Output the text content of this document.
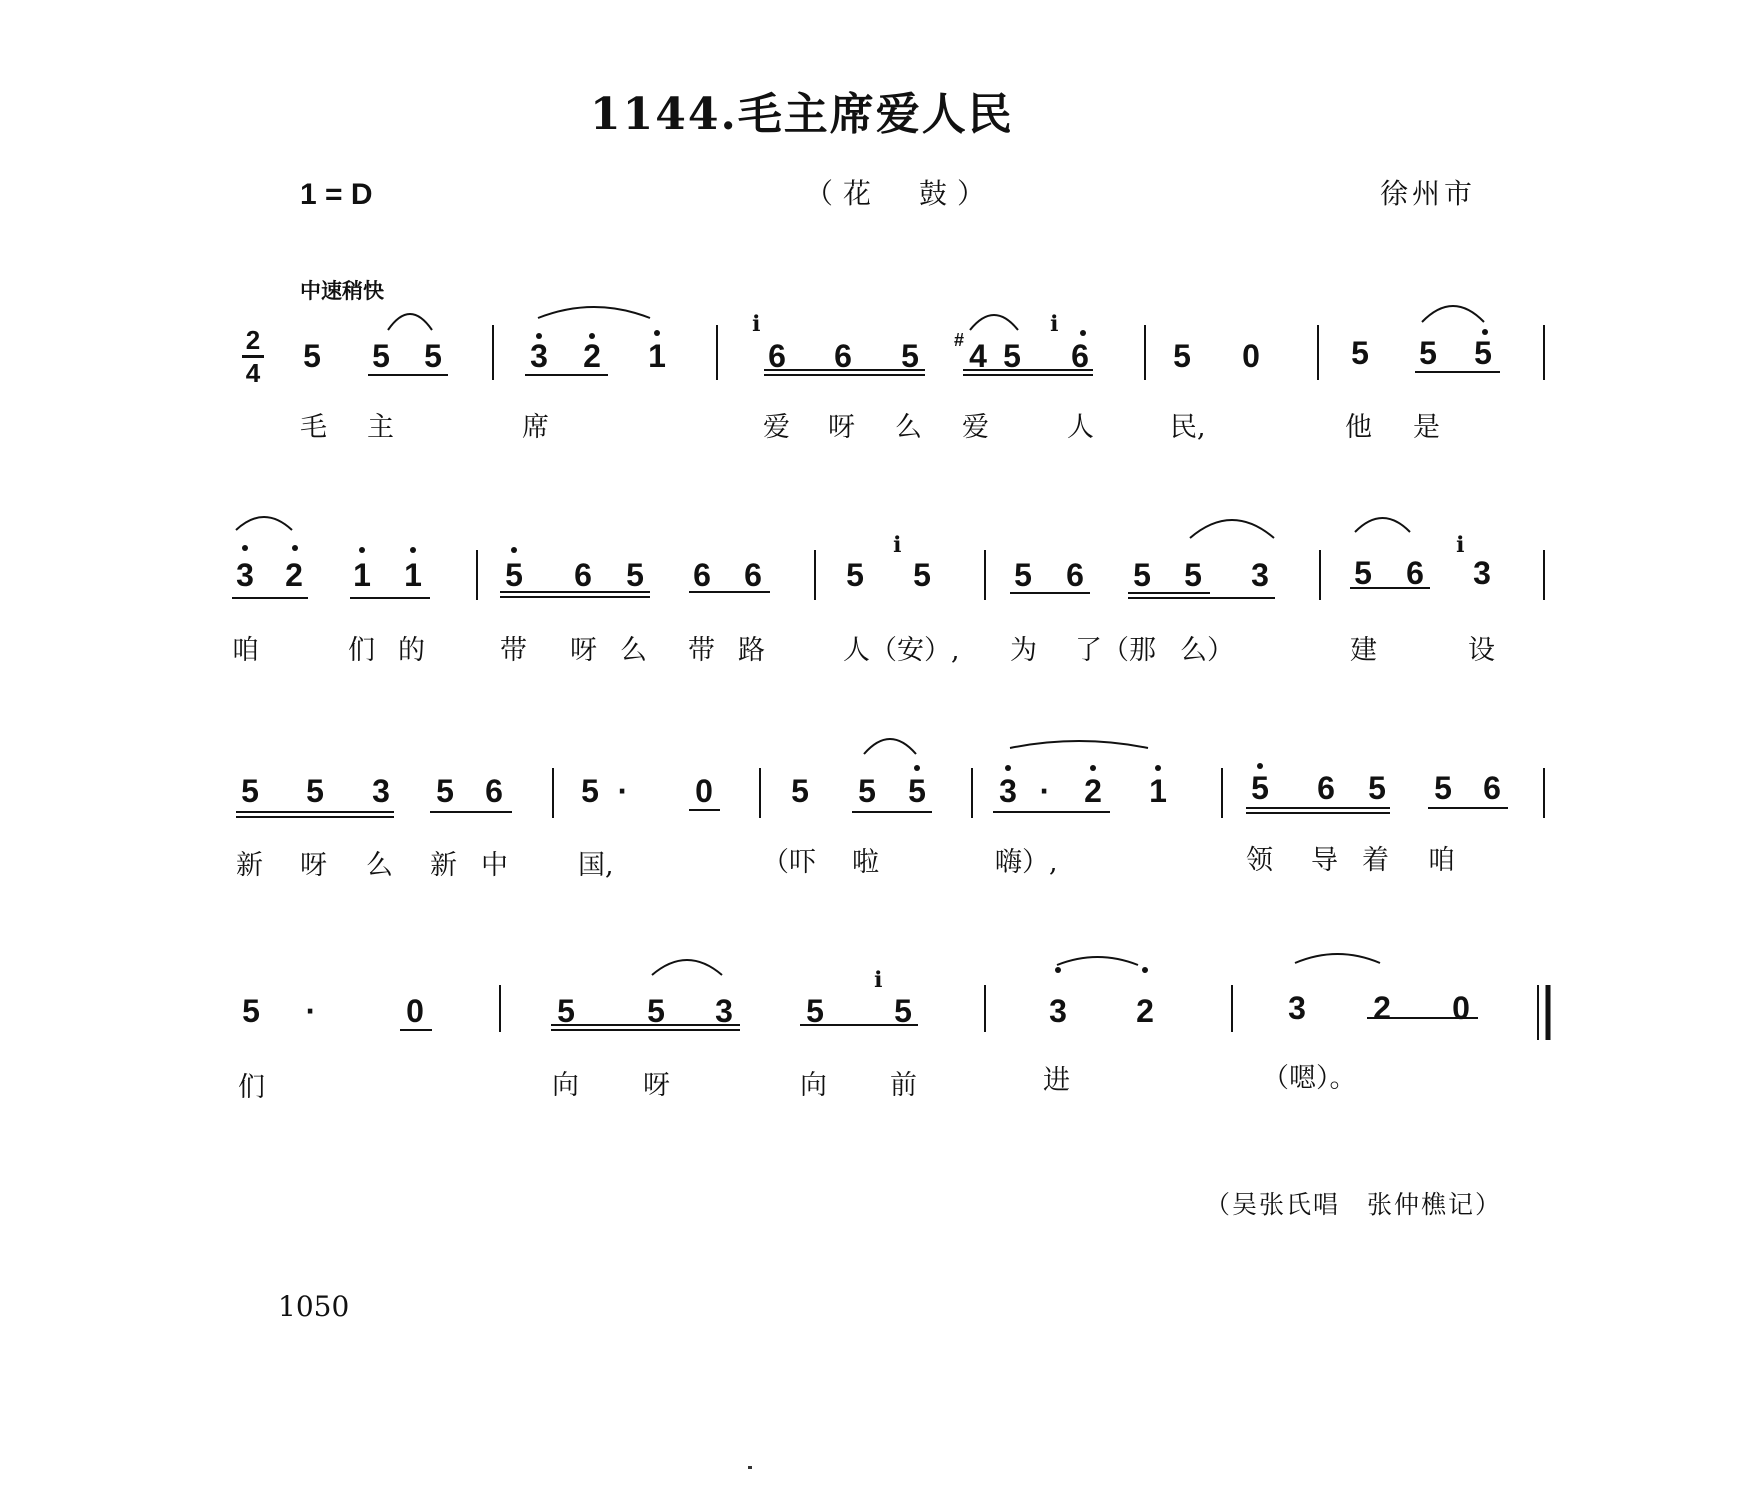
1144.毛主席爱人民
1 = D	（花　鼓）	徐州市
中速稍快
2
4 5 5 5	3 2 1	6 6 5	# 4 5 6	5 0	5 5 5
ℹ	ℹ
毛 主	席	爱 呀 么 爱	人	民,	他 是
3 2 1 1	5 6 5 6 6	5 5	5 6 5 5 3	5 6 3
ℹ	ℹ
咱	们 的	带 呀 么 带 路	人（安）, 为 了（那 么）	建	设
5 5 3 5 6 5 ·	0 5 5 5 3 ·	2 1	5 6 5 5 6
新 呀 么 新 中	国,	（吓 啦	嗨）,	领 导 着 咱
5	·	0	5 5 3 5 5	3 2	3 2 0
ℹ
们	向 呀	向 前	进	（嗯）。
（吴张氏唱　张仲樵记）
1050
